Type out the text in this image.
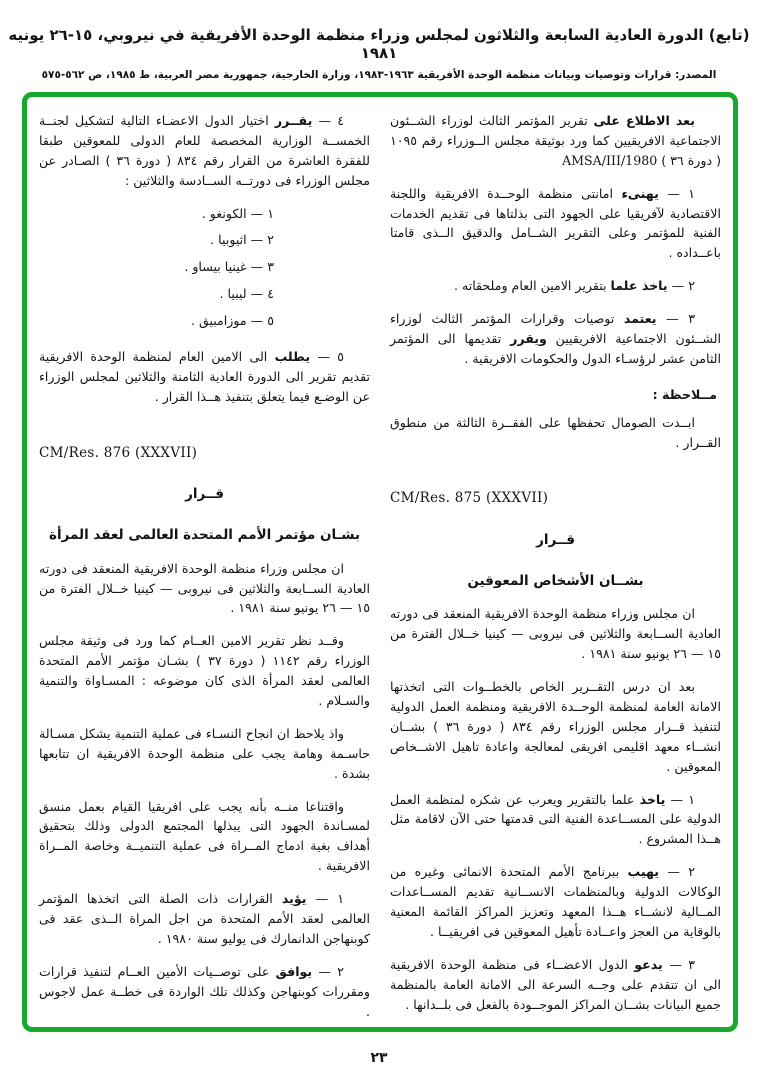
(تابع) الدورة العادية السابعة والثلاثون لمجلس وزراء منظمة الوحدة الأفريقية في نيروبي، ١٥-٢٦ يونيه ١٩٨١
المصدر: قرارات وتوصيات وبيانات منظمة الوحدة الأفريقية ١٩٦٣-١٩٨٣، وزارة الخارجية، جمهورية مصر العربية، ط ١٩٨٥، ص ٥٦٢-٥٧٥

بعد الاطلاع على تقرير المؤتمر الثالث لوزراء الشــئون الاجتماعية الافريقيين كما ورد بوثيقة مجلس الــوزراء رقم ١٠٩٥ ( دورة ٣٦ ) AMSA/III/1980

١ — يهنىء امانتى منظمة الوحــدة الافريقية واللجنة الاقتصادية لآفريقيا على الجهود التى بذلتاها فى تقديم الخدمات الفنية للمؤتمر وعلى التقرير الشــامل والدقيق الــذى قامتا باعــداده .

٢ — ياخذ علما بتقرير الامين العام وملحقاته .

٣ — يعتمد توصيات وقرارات المؤتمر الثالث لوزراء الشــئون الاجتماعية الافريقيين ويقرر تقديمها الى المؤتمر الثامن عشر لرؤسـاء الدول والحكومات الافريقية .

مــلاحظة :

ابــدت الصومال تحفظها على الفقــرة الثالثة من منطوق القــرار .

CM/Res. 875 (XXXVII)
قــرار
بشــان الأشخاص المعوقين

ان مجلس وزراء منظمة الوحدة الافريقية المنعقد فى دورته العادية الســابعة والثلاثين فى نيروبى — كينيا خــلال الفترة من ١٥ — ٢٦ يونيو سنة ١٩٨١ .

بعد ان درس التقــرير الخاص بالخطــوات التى اتخذتها الامانة العامة لمنظمة الوحــدة الافريقية ومنظمة العمل الدولية لتنفيذ قــرار مجلس الوزراء رقم ٨٣٤ ( دورة ٣٦ ) بشــان انشــاء معهد اقليمى افريقى لمعالجة واعادة تاهيل الاشــخاص المعوقين .

١ — ياخذ علما بالتقرير ويعرب عن شكره لمنظمة العمل الدولية على المســاعدة الفنية التى قدمتها حتى الآن لاقامة مثل هــذا المشروع .

٢ — يهيب ببرنامج الأمم المتحدة الانمائى وغيره من الوكالات الدولية وبالمنظمات الانســانية تقديم المســاعدات المــالية لانشــاء هــذا المعهد وتعزيز المراكز القائمة المعنية بالوقاية من العجز واعــادة تأهيل المعوقين فى افريقيــا .

٣ — يدعو الدول الاعضــاء فى منظمة الوحدة الافريقية الى ان تتقدم على وجــه السرعة الى الامانة العامة بالمنظمة جميع البيانات بشــان المراكز الموجــودة بالفعل فى بلــدانها .

٤ — يقــرر اختيار الدول الاعضـاء التالية لتشكيل لجنــة الخمســة الوزارية المخصصة للعام الدولى للمعوقين طبقا للفقرة العاشرة من القرار رقم ٨٣٤ ( دورة ٣٦ ) الصـادر عن مجلس الوزراء فى دورتــه الســادسة والثلاثين :

١ — الكونغو .
٢ — اثيوبيا .
٣ — غينيا بيساو .
٤ — ليبيا .
٥ — موزامبيق .

٥ — يطلب الى الامين العام لمنظمة الوحدة الافريقية تقديم تقرير الى الدورة العادية الثامنة والثلاثين لمجلس الوزراء عن الوضـع فيما يتعلق بتنفيذ هــذا القرار .

CM/Res. 876 (XXXVII)
قــرار
بشـان مؤتمر الأمم المتحدة العالمى لعقد المرأة

ان مجلس وزراء منظمة الوحدة الافريقية المنعقد فى دورته العادية الســابعة والثلاثين فى نيروبى — كينيا خــلال الفترة من ١٥ — ٢٦ يونيو سنة ١٩٨١ .

وقــد نظر تقرير الامين العــام كما ورد فى وثيقة مجلس الوزراء رقم ١١٤٢ ( دورة ٣٧ ) بشـان مؤتمر الأمم المتحدة العالمى لعقد المرأة الذى كان موضوعه : المسـاواة والتنمية والسـلام .

واذ يلاحظ ان انجاح النسـاء فى عملية التنمية يشكل مسـالة حاسـمة وهامة يجب على منظمة الوحدة الافريقية ان تتابعها بشدة .

واقتناعا منــه بأنه يجب على افريقيا القيام بعمل منسق لمسـاندة الجهود التى يبذلها المجتمع الدولى وذلك بتحقيق أهداف بغية ادماج المــراة فى عملية التنميــة وخاصة المــراة الافريقية .

١ — يؤيد القرارات ذات الصلة التى اتخذها المؤتمر العالمى لعقد الأمم المتحدة من اجل المراة الــذى عقد فى كوبنهاجن الدانمارك فى يوليو سنة ١٩٨٠ .

٢ — يوافق على توصــيات الأمين العــام لتنفيذ قرارات ومقررات كوبنهاجن وكذلك تلك الواردة فى خطــة عمل لاجوس .

٢٣
